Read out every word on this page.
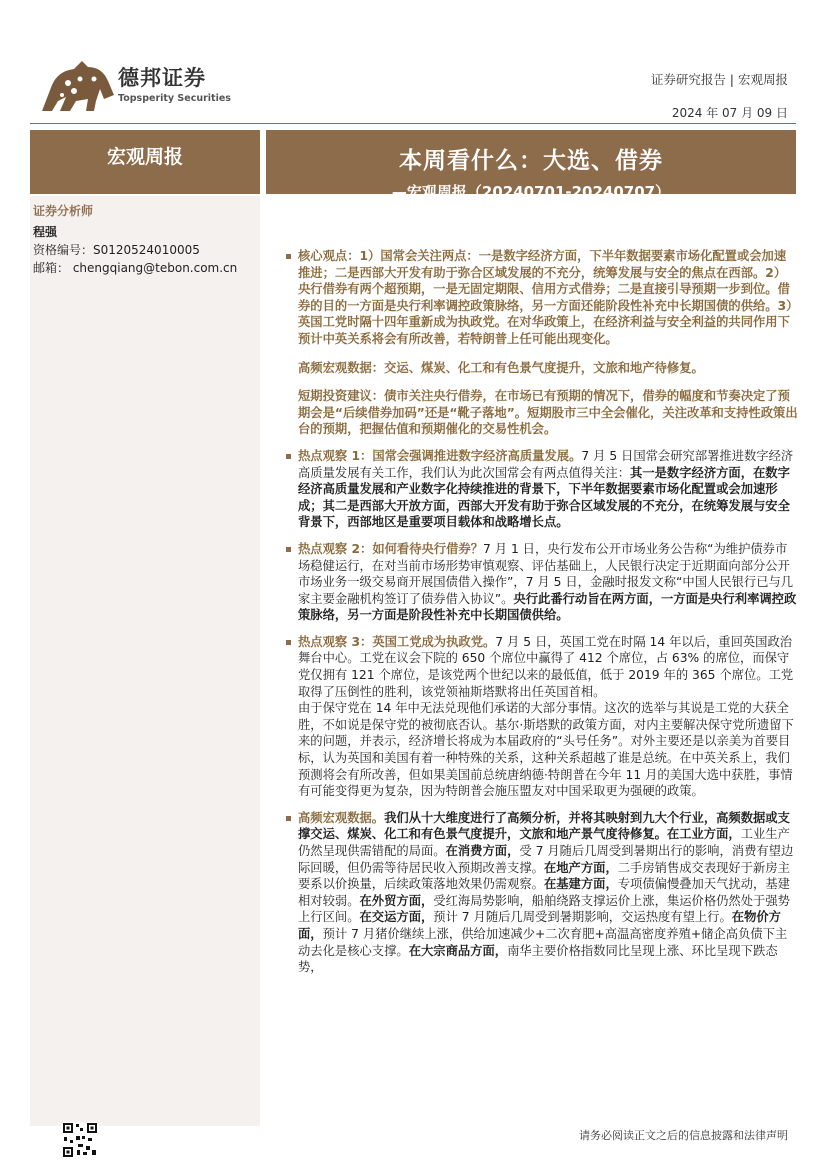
德邦证券
Topsperity Securities
证券研究报告 | 宏观周报
2024 年 07 月 09 日
宏观周报	本周看什么：大选、借券
—宏观周报（20240701-20240707）
证券分析师
程强
资格编号：S0120524010005
邮箱： chengqiang@tebon.com.cn

核心观点：1）国常会关注两点：一是数字经济方面，下半年数据要素市场化配置或会加速推进；二是西部大开发有助于弥合区域发展的不充分，统筹发展与安全的焦点在西部。2）央行借券有两个超预期，一是无固定期限、信用方式借券；二是直接引导预期一步到位。借券的目的一方面是央行利率调控政策脉络，另一方面还能阶段性补充中长期国债的供给。3）英国工党时隔十四年重新成为执政党。在对华政策上，在经济利益与安全利益的共同作用下预计中英关系将会有所改善，若特朗普上任可能出现变化。

高频宏观数据：交运、煤炭、化工和有色景气度提升，文旅和地产待修复。

短期投资建议：债市关注央行借券，在市场已有预期的情况下，借券的幅度和节奏决定了预期会是“后续借券加码”还是“靴子落地”。短期股市三中全会催化，关注改革和支持性政策出台的预期，把握估值和预期催化的交易性机会。

热点观察 1：国常会强调推进数字经济高质量发展。7 月 5 日国常会研究部署推进数字经济高质量发展有关工作，我们认为此次国常会有两点值得关注：其一是数字经济方面，在数字经济高质量发展和产业数字化持续推进的背景下，下半年数据要素市场化配置或会加速形成；其二是西部大开放方面，西部大开发有助于弥合区域发展的不充分，在统筹发展与安全背景下，西部地区是重要项目载体和战略增长点。

热点观察 2：如何看待央行借券？7 月 1 日，央行发布公开市场业务公告称“为维护债券市场稳健运行，在对当前市场形势审慎观察、评估基础上，人民银行决定于近期面向部分公开市场业务一级交易商开展国债借入操作”，7 月 5 日，金融时报发文称“中国人民银行已与几家主要金融机构签订了债券借入协议”。央行此番行动旨在两方面，一方面是央行利率调控政策脉络，另一方面是阶段性补充中长期国债供给。

热点观察 3：英国工党成为执政党。7 月 5 日，英国工党在时隔 14 年以后，重回英国政治舞台中心。工党在议会下院的 650 个席位中赢得了 412 个席位，占 63% 的席位，而保守党仅拥有 121 个席位，是该党两个世纪以来的最低值，低于 2019 年的 365 个席位。工党取得了压倒性的胜利，该党领袖斯塔默将出任英国首相。

由于保守党在 14 年中无法兑现他们承诺的大部分事情。这次的选举与其说是工党的大获全胜，不如说是保守党的被彻底否认。基尔·斯塔默的政策方面，对内主要解决保守党所遗留下来的问题，并表示，经济增长将成为本届政府的“头号任务”。对外主要还是以亲美为首要目标，认为英国和美国有着一种特殊的关系，这种关系超越了谁是总统。在中英关系上，我们预测将会有所改善，但如果美国前总统唐纳德·特朗普在今年 11 月的美国大选中获胜，事情有可能变得更为复杂，因为特朗普会施压盟友对中国采取更为强硬的政策。

高频宏观数据。我们从十大维度进行了高频分析，并将其映射到九大个行业，高频数据或支撑交运、煤炭、化工和有色景气度提升，文旅和地产景气度待修复。在工业方面，工业生产仍然呈现供需错配的局面。在消费方面，受 7 月随后几周受到暑期出行的影响，消费有望边际回暖，但仍需等待居民收入预期改善支撑。在地产方面，二手房销售成交表现好于新房主要系以价换量，后续政策落地效果仍需观察。在基建方面，专项债偏慢叠加天气扰动，基建相对较弱。在外贸方面，受红海局势影响，船舶绕路支撑运价上涨，集运价格仍然处于强势上行区间。在交运方面，预计 7 月随后几周受到暑期影响，交运热度有望上行。在物价方面，预计 7 月猪价继续上涨，供给加速减少+二次育肥+高温高密度养殖+储企高负债下主动去化是核心支撑。在大宗商品方面，南华主要价格指数同比呈现上涨、环比呈现下跌态势，

请务必阅读正文之后的信息披露和法律声明
